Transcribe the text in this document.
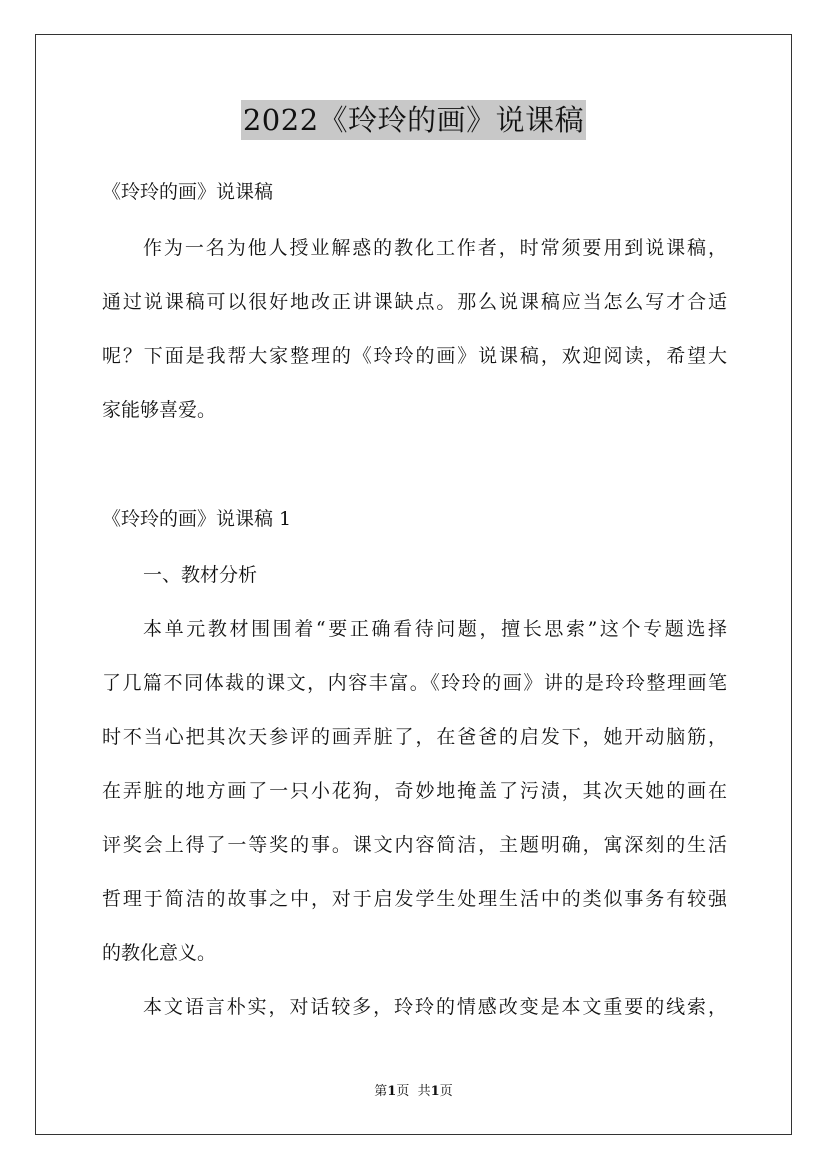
2022《玲玲的画》说课稿
《玲玲的画》说课稿
作为一名为他人授业解惑的教化工作者，时常须要用到说课稿，
通过说课稿可以很好地改正讲课缺点。那么说课稿应当怎么写才合适
呢？下面是我帮大家整理的《玲玲的画》说课稿，欢迎阅读，希望大
家能够喜爱。
《玲玲的画》说课稿 1
一、教材分析
本单元教材围围着“要正确看待问题，擅长思索”这个专题选择
了几篇不同体裁的课文，内容丰富。《玲玲的画》讲的是玲玲整理画笔
时不当心把其次天参评的画弄脏了，在爸爸的启发下，她开动脑筋，
在弄脏的地方画了一只小花狗，奇妙地掩盖了污渍，其次天她的画在
评奖会上得了一等奖的事。课文内容简洁，主题明确，寓深刻的生活
哲理于简洁的故事之中，对于启发学生处理生活中的类似事务有较强
的教化意义。
本文语言朴实，对话较多，玲玲的情感改变是本文重要的线索，
第1页 共1页
